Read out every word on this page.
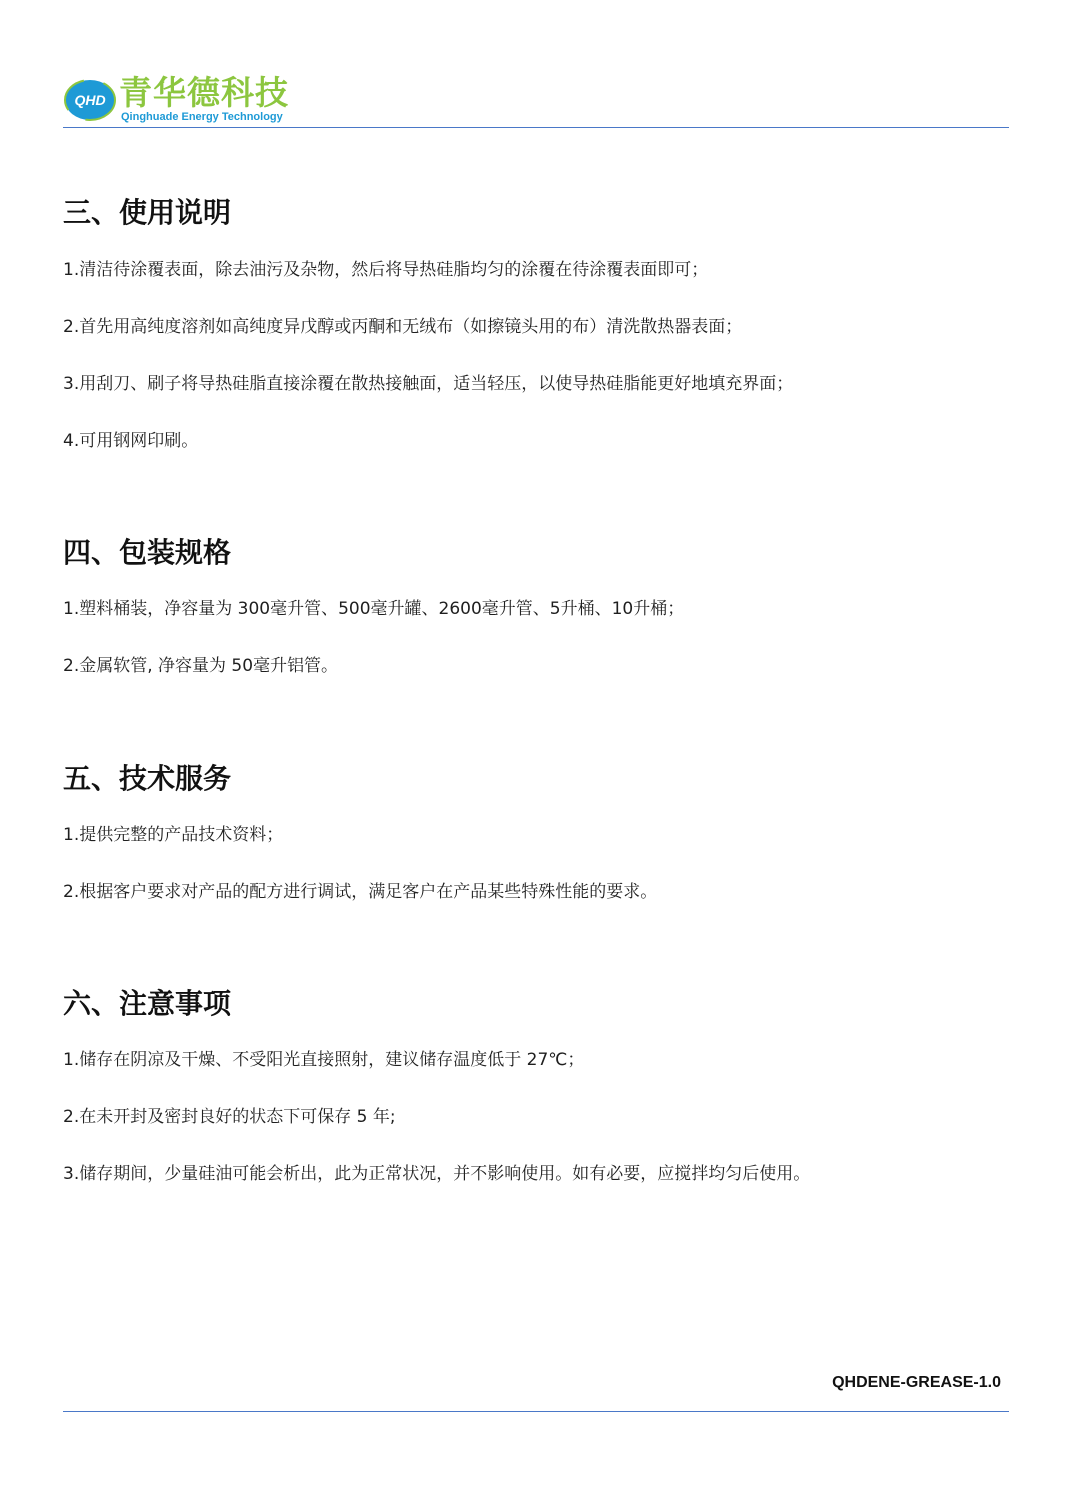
QHD 青华德科技
Qinghuade Energy Technology
三、使用说明
1.清洁待涂覆表面，除去油污及杂物，然后将导热硅脂均匀的涂覆在待涂覆表面即可；
2.首先用高纯度溶剂如高纯度异戊醇或丙酮和无绒布（如擦镜头用的布）清洗散热器表面；
3.用刮刀、刷子将导热硅脂直接涂覆在散热接触面，适当轻压，以使导热硅脂能更好地填充界面；
4.可用钢网印刷。
四、包装规格
1.塑料桶装，净容量为 300毫升管、500毫升罐、2600毫升管、5升桶、10升桶；
2.金属软管, 净容量为 50毫升铝管。
五、技术服务
1.提供完整的产品技术资料；
2.根据客户要求对产品的配方进行调试，满足客户在产品某些特殊性能的要求。
六、注意事项
1.储存在阴凉及干燥、不受阳光直接照射，建议储存温度低于 27℃；
2.在未开封及密封良好的状态下可保存 5 年;
3.储存期间，少量硅油可能会析出，此为正常状况，并不影响使用。如有必要，应搅拌均匀后使用。
QHDENE-GREASE-1.0
